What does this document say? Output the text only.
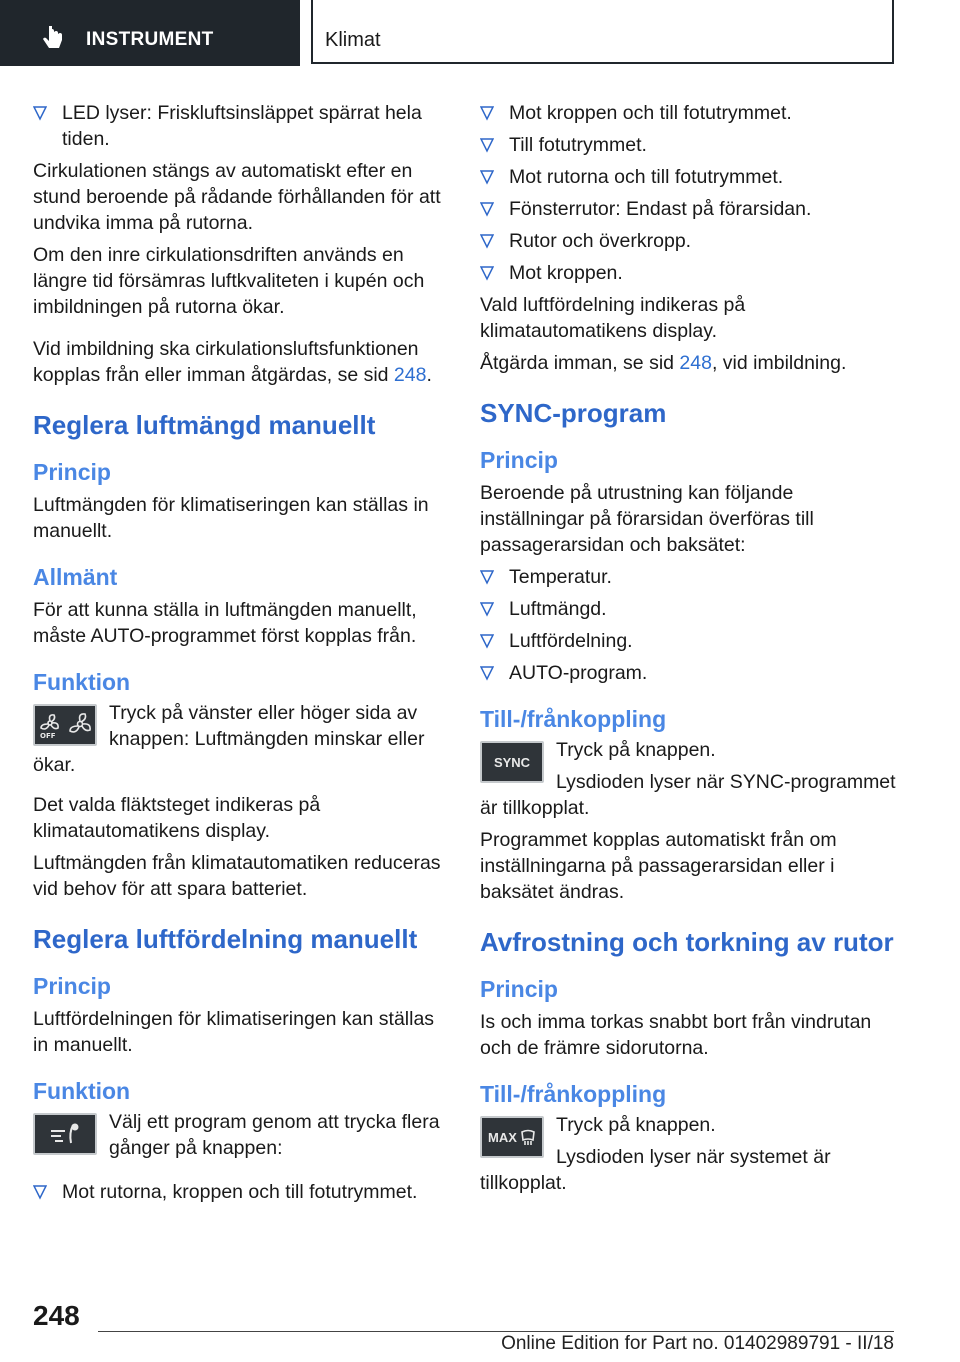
INSTRUMENT	Klimat
LED lyser: Friskluftsinsläppet spärrat hela tiden.

Cirkulationen stängs av automatiskt efter en stund beroende på rådande förhållanden för att undvika imma på rutorna.

Om den inre cirkulationsdriften används en längre tid försämras luftkvaliteten i kupén och imbildningen på rutorna ökar.

Vid imbildning ska cirkulationsluftsfunktionen kopplas från eller imman åtgärdas, se sid 248.

Reglera luftmängd manuellt
Princip

Luftmängden för klimatiseringen kan ställas in manuellt.

Allmänt

För att kunna ställa in luftmängden manuellt, måste AUTO-programmet först kopplas från.

Funktion
OFF

Tryck på vänster eller höger sida av knappen: Luftmängden minskar eller ökar.

Det valda fläktsteget indikeras på klimatautomatikens display.

Luftmängden från klimatautomatiken reduceras vid behov för att spara batteriet.

Reglera luftfördelning manuellt
Princip

Luftfördelningen för klimatiseringen kan ställas in manuellt.

Funktion

Välj ett program genom att trycka flera gånger på knappen:

Mot rutorna, kroppen och till fotutrymmet.
Mot kroppen och till fotutrymmet.
Till fotutrymmet.
Mot rutorna och till fotutrymmet.
Fönsterrutor: Endast på förarsidan.
Rutor och överkropp.
Mot kroppen.

Vald luftfördelning indikeras på klimatautomatikens display.

Åtgärda imman, se sid 248, vid imbildning.

SYNC-program
Princip

Beroende på utrustning kan följande inställningar på förarsidan överföras till passagerarsidan och baksätet:

Temperatur.
Luftmängd.
Luftfördelning.
AUTO-program.
Till-/frånkoppling
SYNC

Tryck på knappen.

Lysdioden lyser när SYNC-programmet är tillkopplat.

Programmet kopplas automatiskt från om inställningarna på passagerarsidan eller i baksätet ändras.

Avfrostning och torkning av rutor
Princip

Is och imma torkas snabbt bort från vindrutan och de främre sidorutorna.

Till-/frånkoppling
MAX

Tryck på knappen.

Lysdioden lyser när systemet är tillkopplat.

248
Online Edition for Part no. 01402989791 - II/18
